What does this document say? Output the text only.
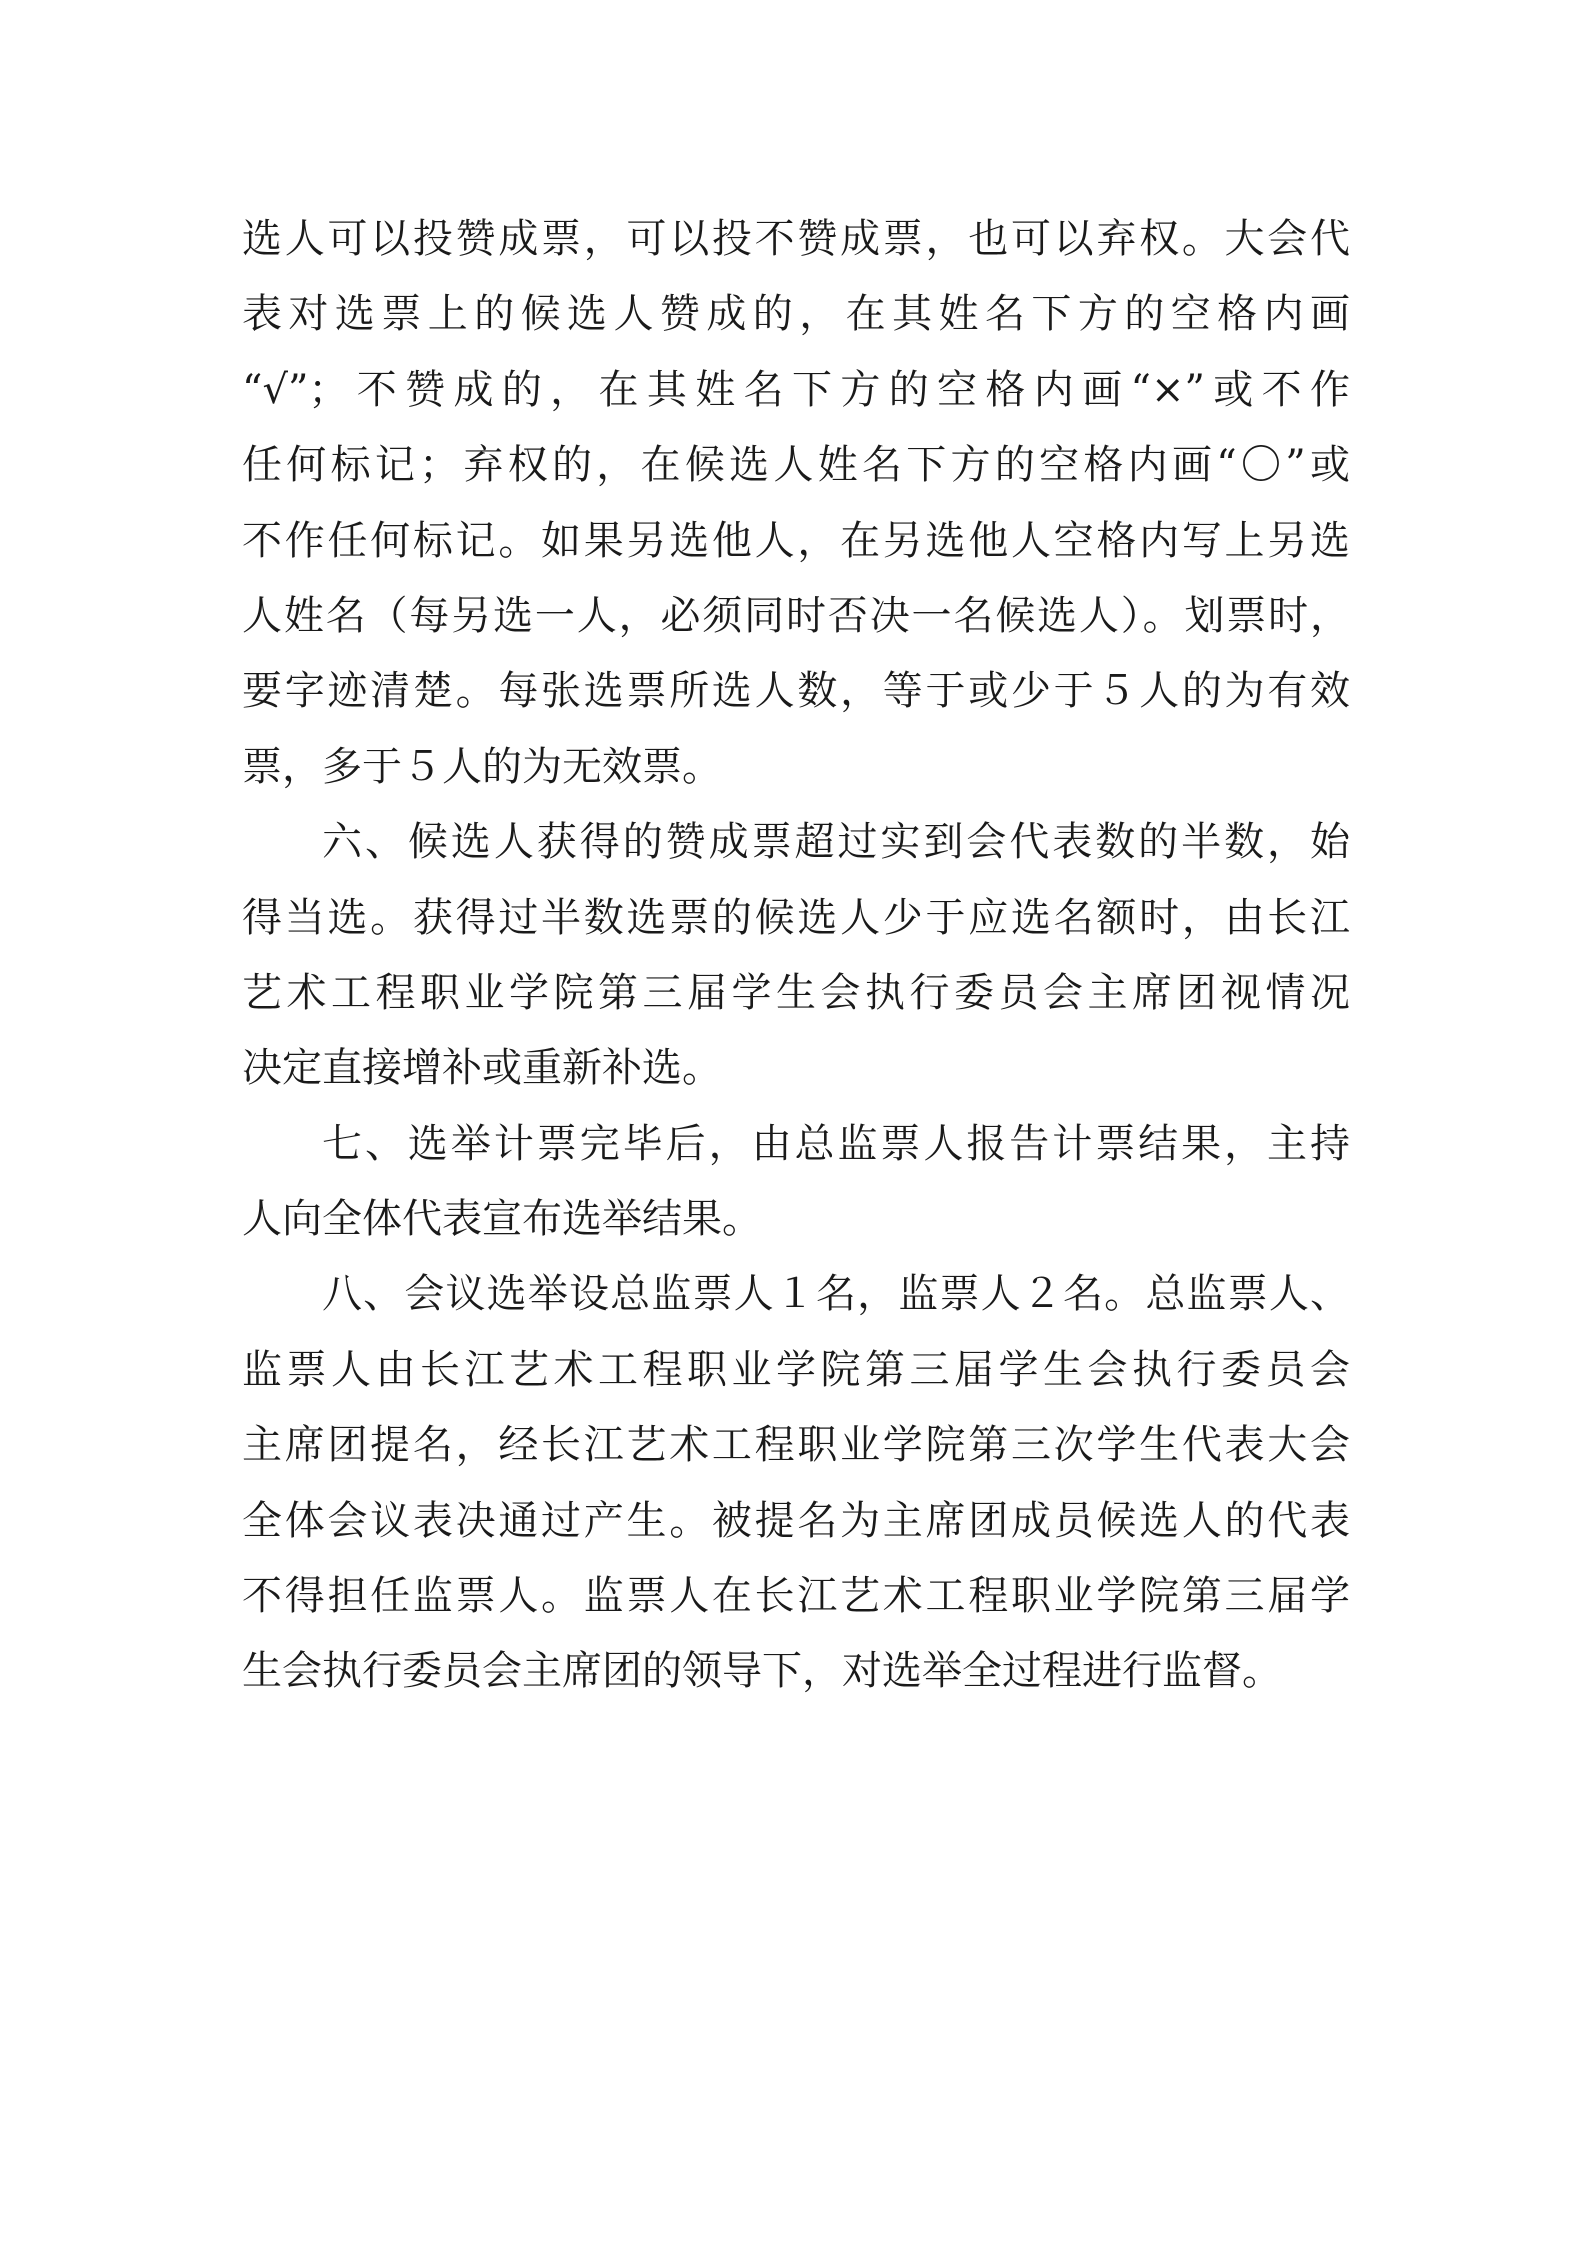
选人可以投赞成票，可以投不赞成票，也可以弃权。大会代
表对选票上的候选人赞成的，在其姓名下方的空格内画
“√”；不赞成的，在其姓名下方的空格内画“×”或不作
任何标记；弃权的，在候选人姓名下方的空格内画“〇”或
不作任何标记。如果另选他人，在另选他人空格内写上另选
人姓名（每另选一人，必须同时否决一名候选人）。划票时，
要字迹清楚。每张选票所选人数，等于或少于５人的为有效
票，多于５人的为无效票。
六、候选人获得的赞成票超过实到会代表数的半数，始
得当选。获得过半数选票的候选人少于应选名额时，由长江
艺术工程职业学院第三届学生会执行委员会主席团视情况
决定直接增补或重新补选。
七、选举计票完毕后，由总监票人报告计票结果，主持
人向全体代表宣布选举结果。
八、会议选举设总监票人１名，监票人２名。总监票人、
监票人由长江艺术工程职业学院第三届学生会执行委员会
主席团提名，经长江艺术工程职业学院第三次学生代表大会
全体会议表决通过产生。被提名为主席团成员候选人的代表
不得担任监票人。监票人在长江艺术工程职业学院第三届学
生会执行委员会主席团的领导下，对选举全过程进行监督。
